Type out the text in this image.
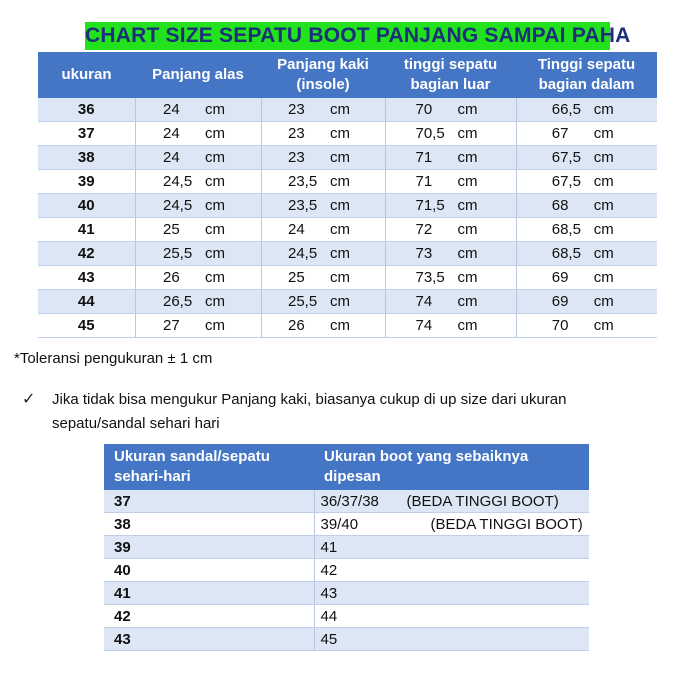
CHART SIZE SEPATU BOOT PANJANG SAMPAI PAHA
ukuran	Panjang alas	Panjang kaki (insole)	tinggi sepatu bagian luar	Tinggi sepatu bagian dalam
36	24 cm	23 cm	70 cm	66,5 cm

37	24 cm	23 cm	70,5 cm	67 cm

38	24 cm	23 cm	71 cm	67,5 cm

39	24,5 cm	23,5 cm	71 cm	67,5 cm

40	24,5 cm	23,5 cm	71,5 cm	68 cm

41	25 cm	24 cm	72 cm	68,5 cm

42	25,5 cm	24,5 cm	73 cm	68,5 cm

43	26 cm	25 cm	73,5 cm	69 cm

44	26,5 cm	25,5 cm	74 cm	69 cm

45	27 cm	26 cm	74 cm	70 cm
*Toleransi pengukuran ± 1 cm
✓ Jika tidak bisa mengukur Panjang kaki, biasanya cukup di up size dari ukuran sepatu/sandal sehari hari
Ukuran sandal/sepatu sehari-hari	Ukuran boot yang sebaiknya dipesan
37	36/37/38 (BEDA TINGGI BOOT)
38	39/40 (BEDA TINGGI BOOT)
39	41
40	42
41	43
42	44
43	45
